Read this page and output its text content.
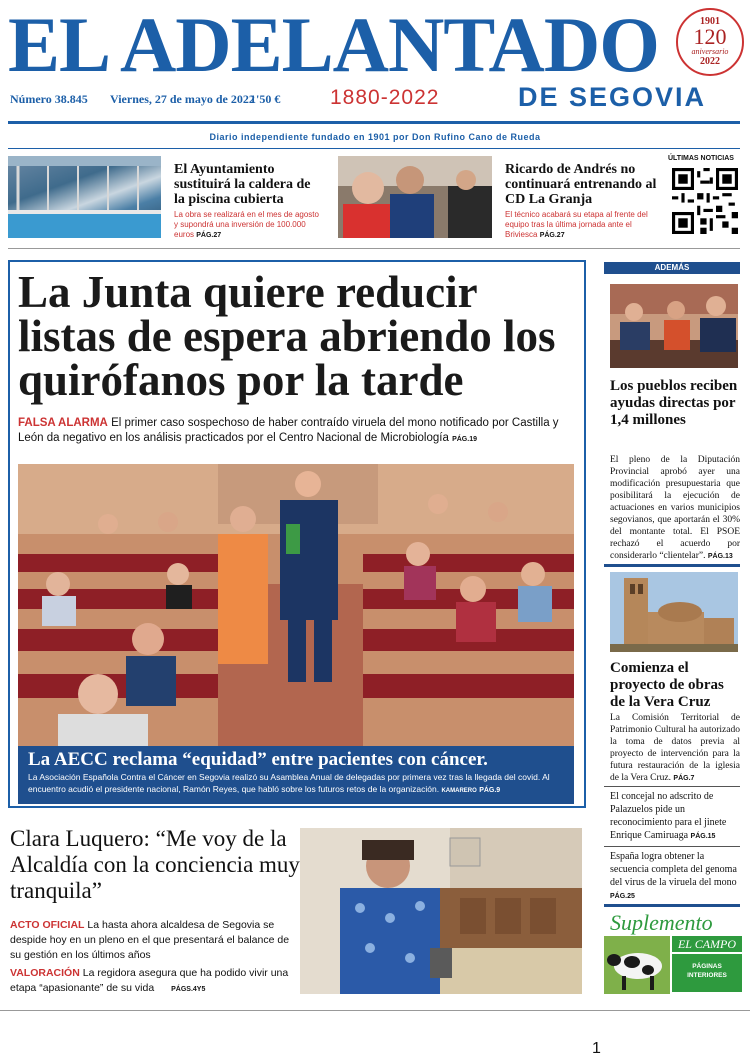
EL ADELANTADO	1901
120
aniversario
2022
Número 38.845 Viernes, 27 de mayo de 2022
1'50 € 1880-2022	DE SEGOVIA
Diario independiente fundado en 1901 por Don Rufino Cano de Rueda
El Ayuntamiento sustituirá la caldera de la piscina cubierta
La obra se realizará en el mes de agosto y supondrá una inversión de 100.000 euros PÁG.27
Ricardo de Andrés no continuará entrenando al CD La Granja
El técnico acabará su etapa al frente del equipo tras la última jornada ante el Briviesca PÁG.27
ÚLTIMAS NOTICIAS
La Junta quiere reducir listas de espera abriendo los quirófanos por la tarde
FALSA ALARMA El primer caso sospechoso de haber contraído viruela del mono notificado por Castilla y León da negativo en los análisis practicados por el Centro Nacional de Microbiología PÁG.19
La AECC reclama “equidad” entre pacientes con cáncer.
La Asociación Española Contra el Cáncer en Segovia realizó su Asamblea Anual de delegadas por primera vez tras la llegada del covid. Al encuentro acudió el presidente nacional, Ramón Reyes, que habló sobre los futuros retos de la organización. KAMARERO PÁG.9
Clara Luquero: “Me voy de la Alcaldía con la conciencia muy tranquila”
ACTO OFICIAL La hasta ahora alcaldesa de Segovia se despide hoy en un pleno en el que presentará el balance de su gestión en los últimos años
VALORACIÓN La regidora asegura que ha podido vivir una etapa “apasionante” de su vida PÁGS.4Y5
ADEMÁS
Los pueblos reciben ayudas directas por 1,4 millones
El pleno de la Diputación Provincial aprobó ayer una modificación presupuestaria que posibilitará la ejecución de actuaciones en varios municipios segovianos, que aportarán el 30% del montante total. El PSOE rechazó el acuerdo por considerarlo “clientelar”. PÁG.13
Comienza el proyecto de obras de la Vera Cruz
La Comisión Territorial de Patrimonio Cultural ha autorizado la toma de datos previa al proyecto de intervención para la futura restauración de la iglesia de la Vera Cruz. PÁG.7
El concejal no adscrito de Palazuelos pide un reconocimiento para el jinete Enrique Camiruaga PÁG.15
España logra obtener la secuencia completa del genoma del virus de la viruela del mono PÁG.25
Suplemento
EL CAMPO
PÁGINAS INTERIORES
1
